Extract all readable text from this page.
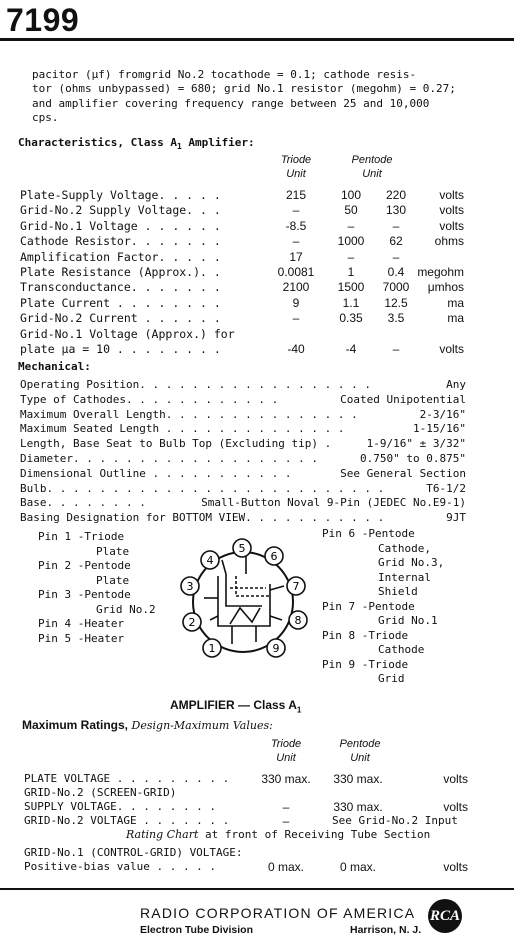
7199
pacitor (μf) fromgrid No.2 tocathode = 0.1; cathode resis-
tor (ohms unbypassed) = 680; grid No.1 resistor (megohm) = 0.27;
and amplifier covering frequency range between 25 and 10,000
cps.
Characteristics, Class $A_1$ Amplifier:
Triode	Pentode
Unit	Unit
Plate-Supply Voltage. . . . .	215	100 220	volts
Grid-No.2 Supply Voltage. . .	–	50 130	volts
Grid-No.1 Voltage . . . . . .	-8.5	–	–	volts
Cathode Resistor. . . . . . .	–	1000 62	ohms
Amplification Factor. . . . .	17	–	–
Plate Resistance (Approx.). .	0.0081	1	0.4 megohm
Transconductance. . . . . . .	2100 1500 7000 μmhos
Plate Current . . . . . . . .	9	1.1 12.5	ma
Grid-No.2 Current . . . . . .	–	0.35 3.5	ma
Grid-No.1 Voltage (Approx.) for
plate μa = 10 . . . . . . . .	-40	-4	–	volts
Mechanical:
Operating Position. . . . . . . . . . . . . . . . . .	Any
Type of Cathodes. . . . . . . . . . . .	Coated Unipotential
Maximum Overall Length. . . . . . . . . . . . . . .	2-3/16"
Maximum Seated Length . . . . . . . . . . . . . .	1-15/16"
Length, Base Seat to Bulb Top (Excluding tip) .	1-9/16" ± 3/32"
Diameter. . . . . . . . . . . . . . . . . . .	0.750" to 0.875"
Dimensional Outline . . . . . . . . . . .	See General Section
Bulb. . . . . . . . . . . . . . . . . . . . . . . . . .	T6-1/2
Base. . . . . . . .	Small-Button Noval 9-Pin (JEDEC No.E9-1)
Basing Designation for BOTTOM VIEW. . . . . . . . . . .	9JT
Pin 1 -Triode
Plate
Pin 2 -Pentode
Plate
Pin 3 -Pentode
Grid No.2
Pin 4 -Heater
Pin 5 -Heater
Pin 6 -Pentode
Cathode,
Grid No.3,
Internal
Shield
Pin 7 -Pentode
Grid No.1
Pin 8 -Triode
Cathode
Pin 9 -Triode
Grid
1
2
3
4
5
6
7
8
9
AMPLIFIER — Class $A_1$
Maximum Ratings, Design-Maximum Values:
Triode	Pentode
Unit	Unit
PLATE VOLTAGE . . . . . . . . .	330 max. 330 max.	volts
GRID-No.2 (SCREEN-GRID)
SUPPLY VOLTAGE. . . . . . . .	–	330 max.	volts
GRID-No.2 VOLTAGE . . . . . . .	–	See Grid-No.2 Input
GRID-No.1 (CONTROL-GRID) VOLTAGE:
Positive-bias value . . . . .	0 max.	0 max.	volts
Rating Chart at front of Receiving Tube Section
RADIO CORPORATION OF AMERICA
Electron Tube Division	Harrison, N. J.
RCA
